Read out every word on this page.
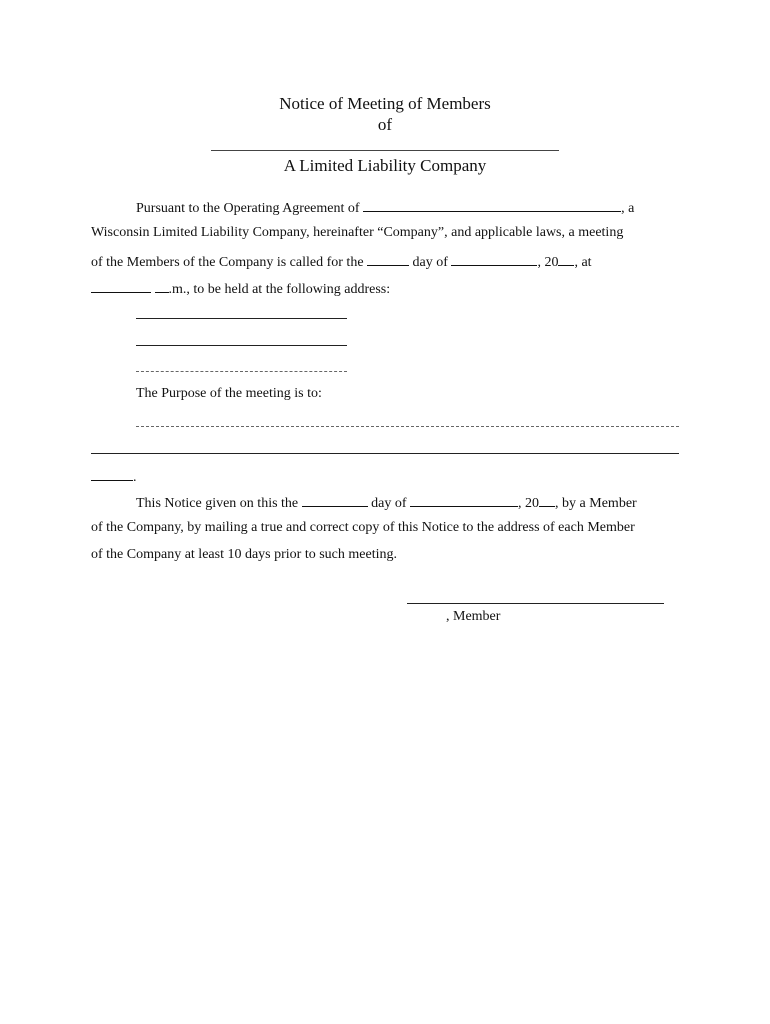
Notice of Meeting of Members
of
A Limited Liability Company
Pursuant to the Operating Agreement of	, a
Wisconsin Limited Liability Company, hereinafter “Company”, and applicable laws, a meeting
of the Members of the Company is called for the	day of	, 20 , at
.m., to be held at the following address:
The Purpose of the meeting is to:
.
This Notice given on this the	day of	, 20 , by a Member
of the Company, by mailing a true and correct copy of this Notice to the address of each Member
of the Company at least 10 days prior to such meeting.
, Member
